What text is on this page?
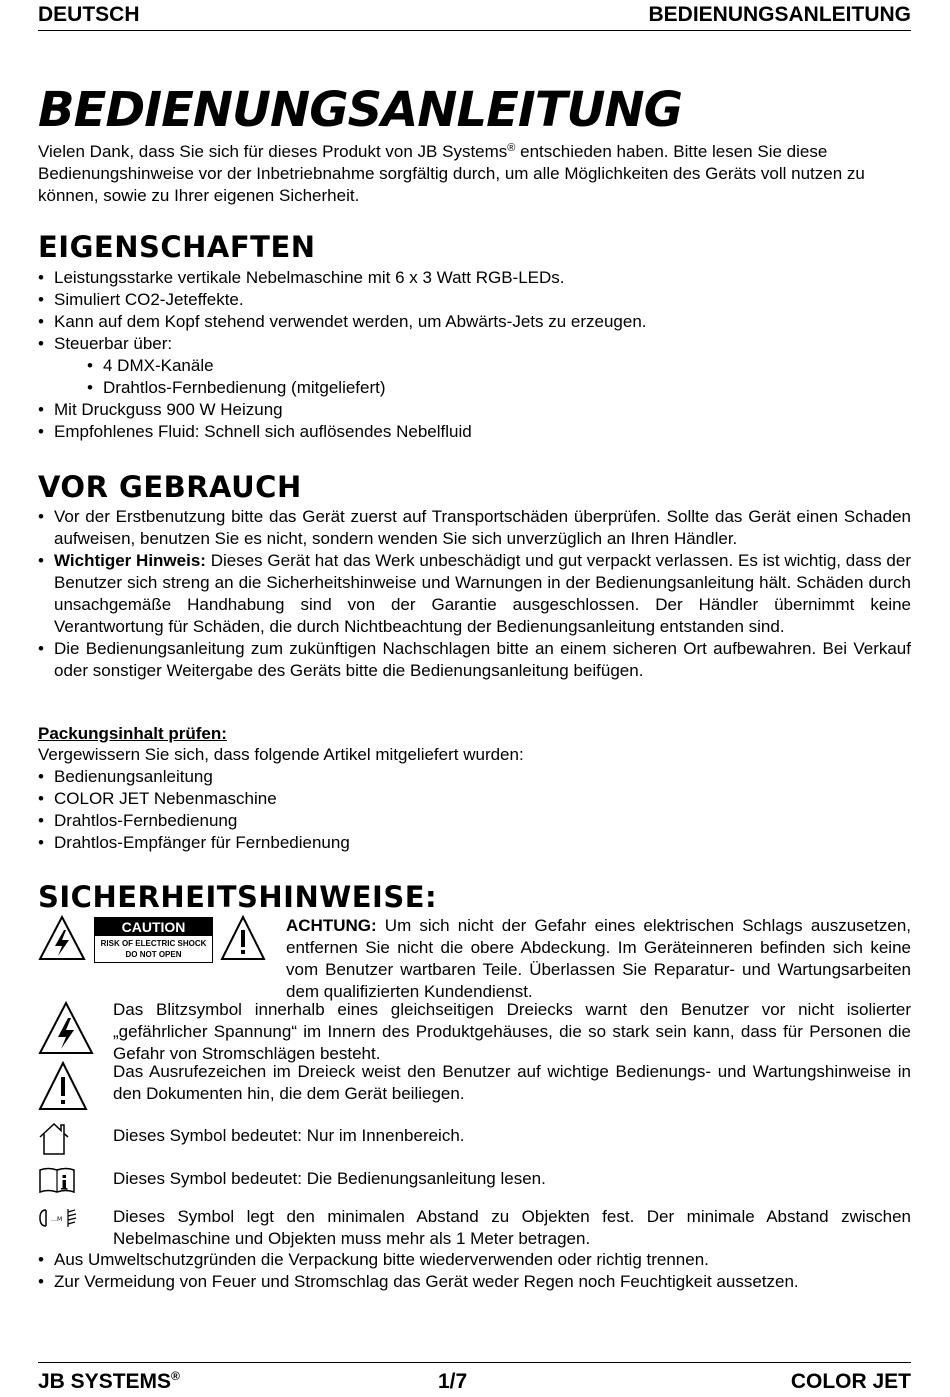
DEUTSCH	BEDIENUNGSANLEITUNG
BEDIENUNGSANLEITUNG
Vielen Dank, dass Sie sich für dieses Produkt von JB Systems® entschieden haben. Bitte lesen Sie diese Bedienungshinweise vor der Inbetriebnahme sorgfältig durch, um alle Möglichkeiten des Geräts voll nutzen zu können, sowie zu Ihrer eigenen Sicherheit.
EIGENSCHAFTEN
• Leistungsstarke vertikale Nebelmaschine mit 6 x 3 Watt RGB-LEDs.
• Simuliert CO2-Jeteffekte.
• Kann auf dem Kopf stehend verwendet werden, um Abwärts-Jets zu erzeugen.
• Steuerbar über:
• 4 DMX-Kanäle
• Drahtlos-Fernbedienung (mitgeliefert)
• Mit Druckguss 900 W Heizung
• Empfohlenes Fluid: Schnell sich auflösendes Nebelfluid
VOR GEBRAUCH
• Vor der Erstbenutzung bitte das Gerät zuerst auf Transportschäden überprüfen. Sollte das Gerät einen Schaden aufweisen, benutzen Sie es nicht, sondern wenden Sie sich unverzüglich an Ihren Händler.
• Wichtiger Hinweis: Dieses Gerät hat das Werk unbeschädigt und gut verpackt verlassen. Es ist wichtig, dass der Benutzer sich streng an die Sicherheitshinweise und Warnungen in der Bedienungsanleitung hält. Schäden durch unsachgemäße Handhabung sind von der Garantie ausgeschlossen. Der Händler übernimmt keine Verantwortung für Schäden, die durch Nichtbeachtung der Bedienungsanleitung entstanden sind.
• Die Bedienungsanleitung zum zukünftigen Nachschlagen bitte an einem sicheren Ort aufbewahren. Bei Verkauf oder sonstiger Weitergabe des Geräts bitte die Bedienungsanleitung beifügen.
Packungsinhalt prüfen:
Vergewissern Sie sich, dass folgende Artikel mitgeliefert wurden:
• Bedienungsanleitung
• COLOR JET Nebenmaschine
• Drahtlos-Fernbedienung
• Drahtlos-Empfänger für Fernbedienung
SICHERHEITSHINWEISE:
CAUTION
RISK OF ELECTRIC SHOCK
DO NOT OPEN
ACHTUNG: Um sich nicht der Gefahr eines elektrischen Schlags auszusetzen, entfernen Sie nicht die obere Abdeckung. Im Geräteinneren befinden sich keine vom Benutzer wartbaren Teile. Überlassen Sie Reparatur- und Wartungsarbeiten dem qualifizierten Kundendienst.
Das Blitzsymbol innerhalb eines gleichseitigen Dreiecks warnt den Benutzer vor nicht isolierter „gefährlicher Spannung“ im Innern des Produktgehäuses, die so stark sein kann, dass für Personen die Gefahr von Stromschlägen besteht.
Das Ausrufezeichen im Dreieck weist den Benutzer auf wichtige Bedienungs- und Wartungshinweise in den Dokumenten hin, die dem Gerät beiliegen.
Dieses Symbol bedeutet: Nur im Innenbereich.
Dieses Symbol bedeutet: Die Bedienungsanleitung lesen.
…M	Dieses Symbol legt den minimalen Abstand zu Objekten fest. Der minimale Abstand zwischen Nebelmaschine und Objekten muss mehr als 1 Meter betragen.
• Aus Umweltschutzgründen die Verpackung bitte wiederverwenden oder richtig trennen.
• Zur Vermeidung von Feuer und Stromschlag das Gerät weder Regen noch Feuchtigkeit aussetzen.
JB SYSTEMS®	1/7	COLOR JET
